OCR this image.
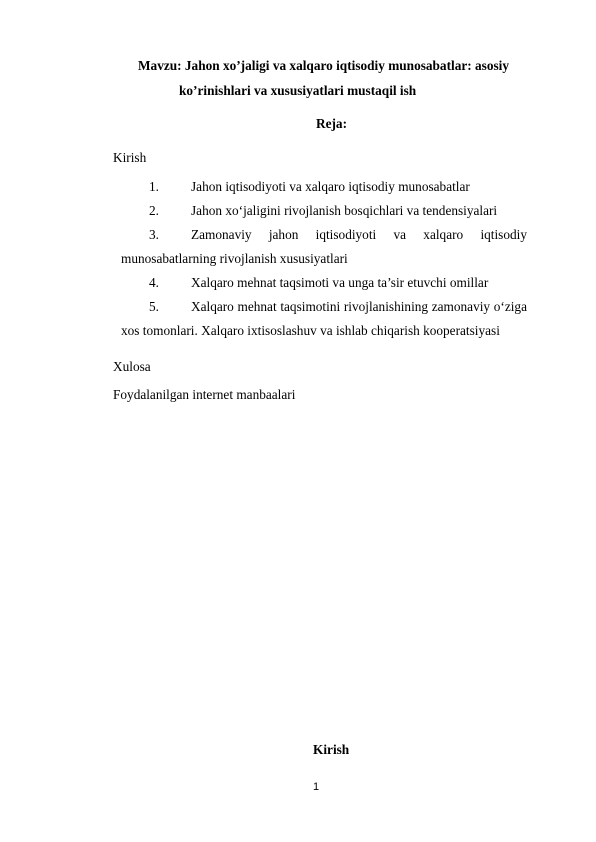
Mavzu: Jahon xo’jaligi va xalqaro iqtisodiy munosabatlar: asosiy
ko’rinishlari va xususiyatlari mustaqil ish
Reja:
Kirish
1. Jahon iqtisodiyoti va xalqaro iqtisodiy munosabatlar
2. Jahon xo‘jaligini rivojlanish bosqichlari va tendensiyalari
3. Zamonaviy jahon iqtisodiyoti va xalqaro iqtisodiy
munosabatlarning rivojlanish xususiyatlari
4. Xalqaro mehnat taqsimoti va unga ta’sir etuvchi omillar
5. Xalqaro mehnat taqsimotini rivojlanishining zamonaviy o‘ziga
xos tomonlari. Xalqaro ixtisoslashuv va ishlab chiqarish kooperatsiyasi
Xulosa
Foydalanilgan internet manbaalari
Kirish
1
